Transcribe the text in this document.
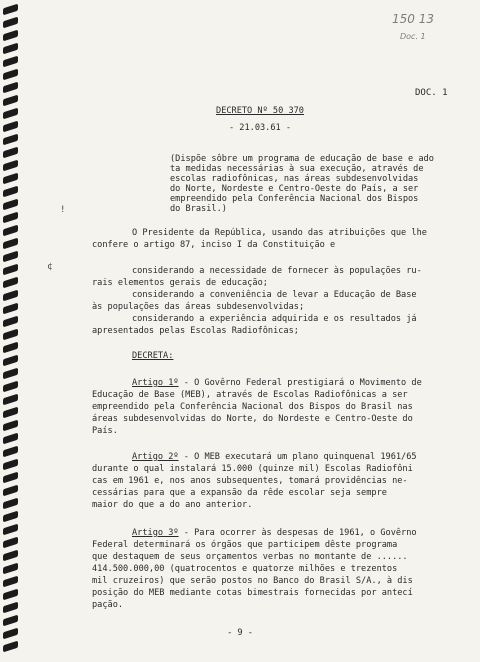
!
¢
150 13
Doc. 1
DOC. 1
DECRETO Nº 50 370
- 21.03.61 -
(Dispõe sôbre um programa de educação de base e ado
ta medidas necessárias à sua execução, através de
escolas radiofônicas, nas áreas subdesenvolvidas
do Norte, Nordeste e Centro-Oeste do País, a ser
empreendido pela Conferência Nacional dos Bispos
do Brasil.)
O Presidente da República, usando das atribuições que lhe
confere o artigo 87, inciso I da Constituição e
considerando a necessidade de fornecer às populações ru-
rais elementos gerais de educação;
considerando a conveniência de levar a Educação de Base
às populações das áreas subdesenvolvidas;
considerando a experiência adquirida e os resultados já
apresentados pelas Escolas Radiofônicas;
DECRETA:
Artigo 1º - O Govêrno Federal prestigiará o Movimento de
Educação de Base (MEB), através de Escolas Radiofônicas a ser
empreendido pela Conferência Nacional dos Bispos do Brasil nas
áreas subdesenvolvidas do Norte, do Nordeste e Centro-Oeste do
País.
Artigo 2º - O MEB executará um plano quinquenal 1961/65
durante o qual instalará 15.000 (quinze mil) Escolas Radiofôni
cas em 1961 e, nos anos subsequentes, tomará providências ne-
cessárias para que a expansão da rêde escolar seja sempre
maior do que a do ano anterior.
Artigo 3º - Para ocorrer às despesas de 1961, o Govêrno
Federal determinará os órgãos que participem dêste programa
que destaquem de seus orçamentos verbas no montante de ......
414.500.000,00 (quatrocentos e quatorze milhões e trezentos
mil cruzeiros) que serão postos no Banco do Brasil S/A., à dis
posição do MEB mediante cotas bimestrais fornecidas por antecí
pação.
- 9 -
